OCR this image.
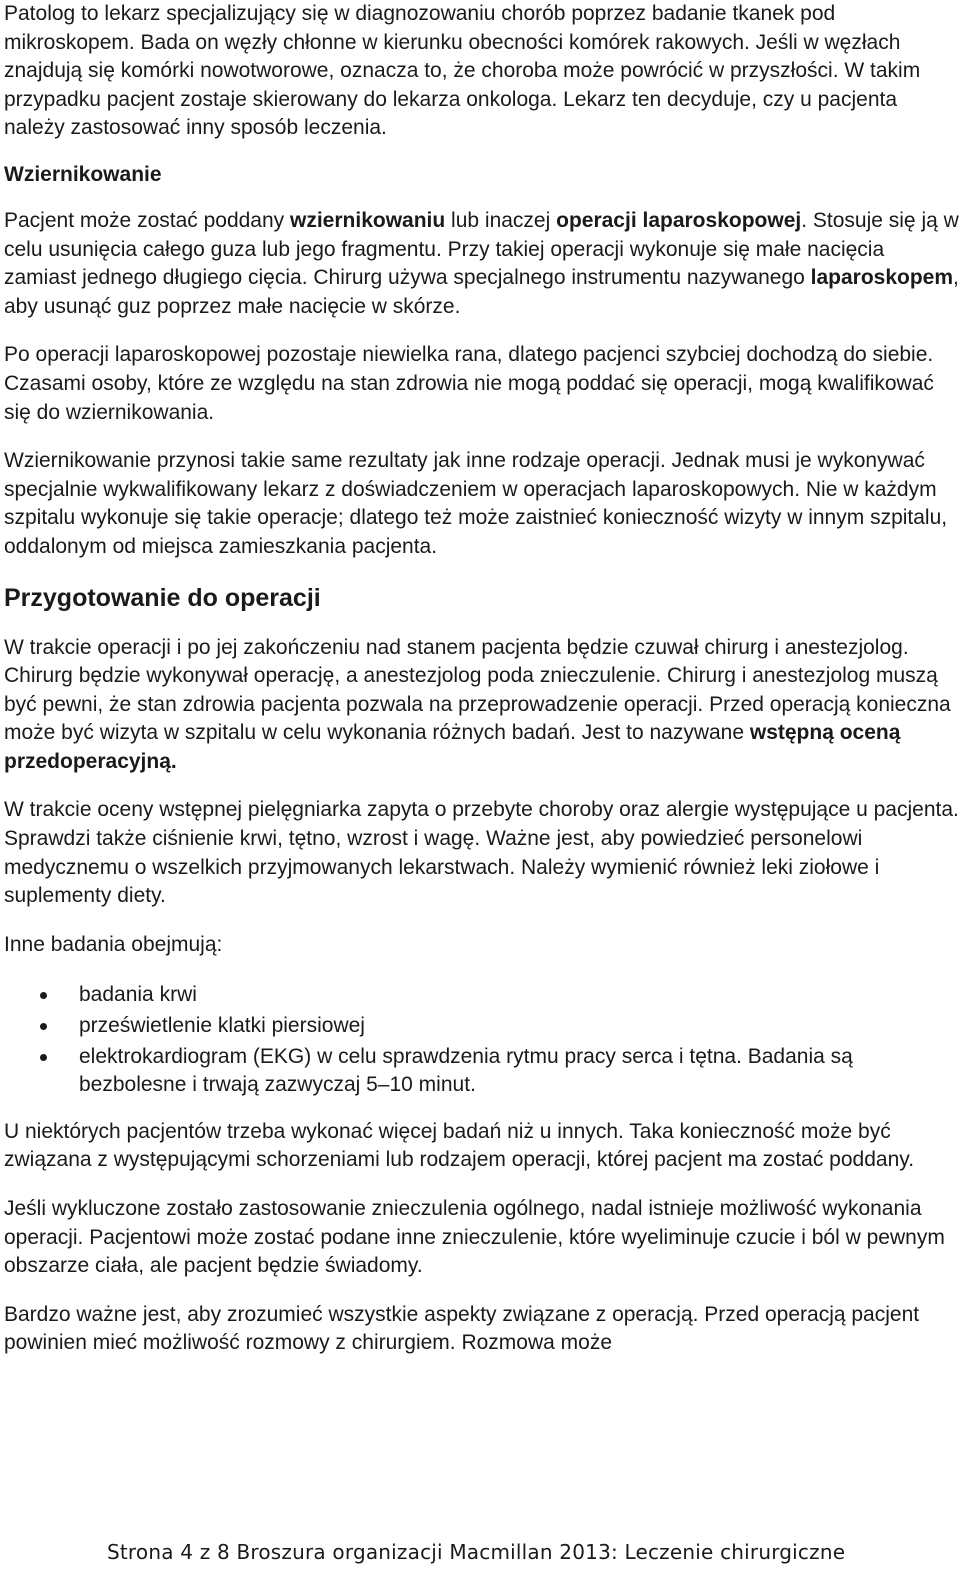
Patolog to lekarz specjalizujący się w diagnozowaniu chorób poprzez badanie tkanek pod mikroskopem. Bada on węzły chłonne w kierunku obecności komórek rakowych. Jeśli w węzłach znajdują się komórki nowotworowe, oznacza to, że choroba może powrócić w przyszłości. W takim przypadku pacjent zostaje skierowany do lekarza onkologa. Lekarz ten decyduje, czy u pacjenta należy zastosować inny sposób leczenia.

Wziernikowanie

Pacjent może zostać poddany wziernikowaniu lub inaczej operacji laparoskopowej. Stosuje się ją w celu usunięcia całego guza lub jego fragmentu. Przy takiej operacji wykonuje się małe nacięcia zamiast jednego długiego cięcia. Chirurg używa specjalnego instrumentu nazywanego laparoskopem, aby usunąć guz poprzez małe nacięcie w skórze.

Po operacji laparoskopowej pozostaje niewielka rana, dlatego pacjenci szybciej dochodzą do siebie. Czasami osoby, które ze względu na stan zdrowia nie mogą poddać się operacji, mogą kwalifikować się do wziernikowania.

Wziernikowanie przynosi takie same rezultaty jak inne rodzaje operacji. Jednak musi je wykonywać specjalnie wykwalifikowany lekarz z doświadczeniem w operacjach laparoskopowych. Nie w każdym szpitalu wykonuje się takie operacje; dlatego też może zaistnieć konieczność wizyty w innym szpitalu, oddalonym od miejsca zamieszkania pacjenta.

Przygotowanie do operacji

W trakcie operacji i po jej zakończeniu nad stanem pacjenta będzie czuwał chirurg i anestezjolog. Chirurg będzie wykonywał operację, a anestezjolog poda znieczulenie. Chirurg i anestezjolog muszą być pewni, że stan zdrowia pacjenta pozwala na przeprowadzenie operacji. Przed operacją konieczna może być wizyta w szpitalu w celu wykonania różnych badań. Jest to nazywane wstępną oceną przedoperacyjną.

W trakcie oceny wstępnej pielęgniarka zapyta o przebyte choroby oraz alergie występujące u pacjenta. Sprawdzi także ciśnienie krwi, tętno, wzrost i wagę. Ważne jest, aby powiedzieć personelowi medycznemu o wszelkich przyjmowanych lekarstwach. Należy wymienić również leki ziołowe i suplementy diety.

Inne badania obejmują:

badania krwi
prześwietlenie klatki piersiowej
elektrokardiogram (EKG) w celu sprawdzenia rytmu pracy serca i tętna. Badania są bezbolesne i trwają zazwyczaj 5–10 minut.

U niektórych pacjentów trzeba wykonać więcej badań niż u innych. Taka konieczność może być związana z występującymi schorzeniami lub rodzajem operacji, której pacjent ma zostać poddany.

Jeśli wykluczone zostało zastosowanie znieczulenia ogólnego, nadal istnieje możliwość wykonania operacji. Pacjentowi może zostać podane inne znieczulenie, które wyeliminuje czucie i ból w pewnym obszarze ciała, ale pacjent będzie świadomy.

Bardzo ważne jest, aby zrozumieć wszystkie aspekty związane z operacją. Przed operacją pacjent powinien mieć możliwość rozmowy z chirurgiem. Rozmowa może

Strona 4 z 8 Broszura organizacji Macmillan 2013: Leczenie chirurgiczne
